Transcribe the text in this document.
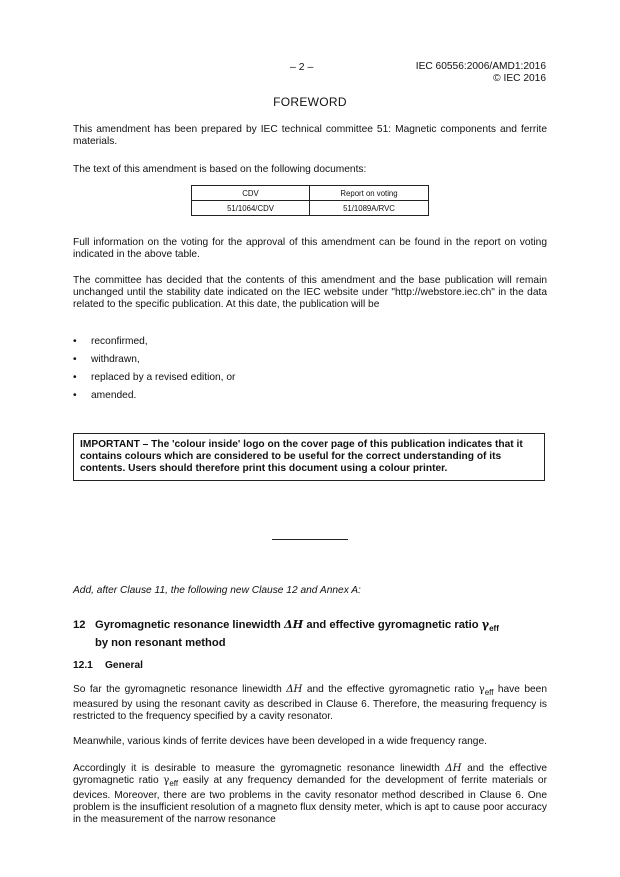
– 2 –	IEC 60556:2006/AMD1:2016
© IEC 2016
FOREWORD
This amendment has been prepared by IEC technical committee 51: Magnetic components and ferrite materials.
The text of this amendment is based on the following documents:
CDV	Report on voting
51/1064/CDV	51/1089A/RVC
Full information on the voting for the approval of this amendment can be found in the report on voting indicated in the above table.
The committee has decided that the contents of this amendment and the base publication will remain unchanged until the stability date indicated on the IEC website under "http://webstore.iec.ch" in the data related to the specific publication. At this date, the publication will be
• reconfirmed,
• withdrawn,
• replaced by a revised edition, or
• amended.
IMPORTANT – The 'colour inside' logo on the cover page of this publication indicates that it contains colours which are considered to be useful for the correct understanding of its contents. Users should therefore print this document using a colour printer.
Add, after Clause 11, the following new Clause 12 and Annex A:
12 Gyromagnetic resonance linewidth ΔH and effective gyromagnetic ratio $\gamma_{eff}$
by non resonant method
12.1 General
So far the gyromagnetic resonance linewidth ΔH and the effective gyromagnetic ratio $\gamma_{eff}$ have been measured by using the resonant cavity as described in Clause 6. Therefore, the measuring frequency is restricted to the frequency specified by a cavity resonator.
Meanwhile, various kinds of ferrite devices have been developed in a wide frequency range.
Accordingly it is desirable to measure the gyromagnetic resonance linewidth ΔH and the effective gyromagnetic ratio $\gamma_{eff}$ easily at any frequency demanded for the development of ferrite materials or devices. Moreover, there are two problems in the cavity resonator method described in Clause 6. One problem is the insufficient resolution of a magneto flux density meter, which is apt to cause poor accuracy in the measurement of the narrow resonance
